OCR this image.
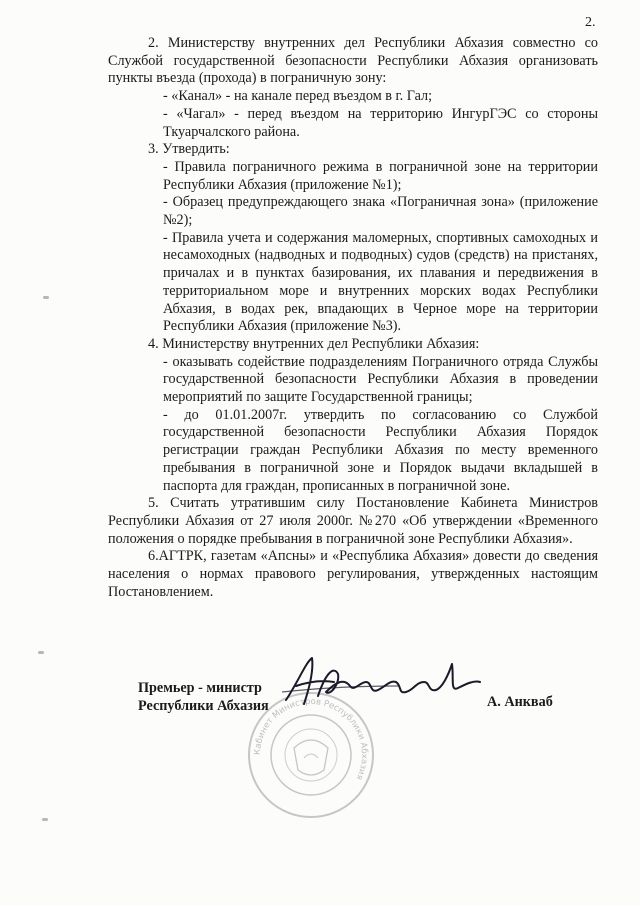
2.

2. Министерству внутренних дел Республики Абхазия совместно со Службой государственной безопасности Республики Абхазия организовать пункты въезда (прохода) в пограничную зону:

- «Канал» - на канале перед въездом в г. Гал;

- «Чагал» - перед въездом на территорию ИнгурГЭС со стороны Ткуарчалского района.

3. Утвердить:

- Правила пограничного режима в пограничной зоне на территории Республики Абхазия (приложение №1);

- Образец предупреждающего знака «Пограничная зона» (приложение №2);

- Правила учета и содержания маломерных, спортивных самоходных и несамоходных (надводных и подводных) судов (средств) на пристанях, причалах и в пунктах базирования, их плавания и передвижения в территориальном море и внутренних морских водах Республики Абхазия, в водах рек, впадающих в Черное море на территории Республики Абхазия (приложение №3).

4. Министерству внутренних дел Республики Абхазия:

- оказывать содействие подразделениям Пограничного отряда Службы государственной безопасности Республики Абхазия в проведении мероприятий по защите Государственной границы;

- до 01.01.2007г. утвердить по согласованию со Службой государственной безопасности Республики Абхазия Порядок регистрации граждан Республики Абхазия по месту временного пребывания в пограничной зоне и Порядок выдачи вкладышей в паспорта для граждан, прописанных в пограничной зоне.

5. Считать утратившим силу Постановление Кабинета Министров Республики Абхазия от 27 июля 2000г. №270 «Об утверждении «Временного положения о порядке пребывания в пограничной зоне Республики Абхазия».

6.АГТРК, газетам «Апсны» и «Республика Абхазия» довести до сведения населения о нормах правового регулирования, утвержденных настоящим Постановлением.

Кабинет Министров Республики Абхазия
Премьер - министр
Республики Абхазия	А. Анкваб
